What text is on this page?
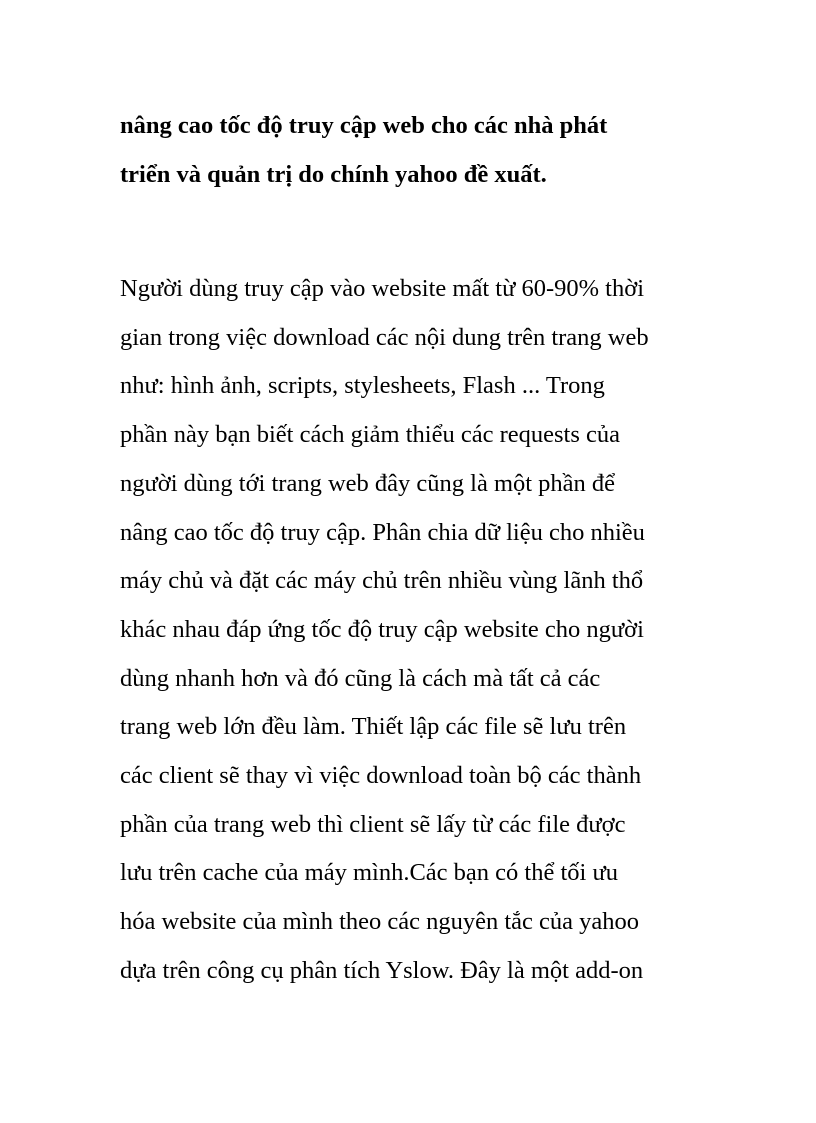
nâng cao tốc độ truy cập web cho các nhà phát
triển và quản trị do chính yahoo đề xuất.
Người dùng truy cập vào website mất từ 60-90% thời
gian trong việc download các nội dung trên trang web
như: hình ảnh, scripts, stylesheets, Flash ... Trong
phần này bạn biết cách giảm thiểu các requests của
người dùng tới trang web đây cũng là một phần để
nâng cao tốc độ truy cập. Phân chia dữ liệu cho nhiều
máy chủ và đặt các máy chủ trên nhiều vùng lãnh thổ
khác nhau đáp ứng tốc độ truy cập website cho người
dùng nhanh hơn và đó cũng là cách mà tất cả các
trang web lớn đều làm. Thiết lập các file sẽ lưu trên
các client sẽ thay vì việc download toàn bộ các thành
phần của trang web thì client sẽ lấy từ các file được
lưu trên cache của máy mình.Các bạn có thể tối ưu
hóa website của mình theo các nguyên tắc của yahoo
dựa trên công cụ phân tích Yslow. Đây là một add-on
